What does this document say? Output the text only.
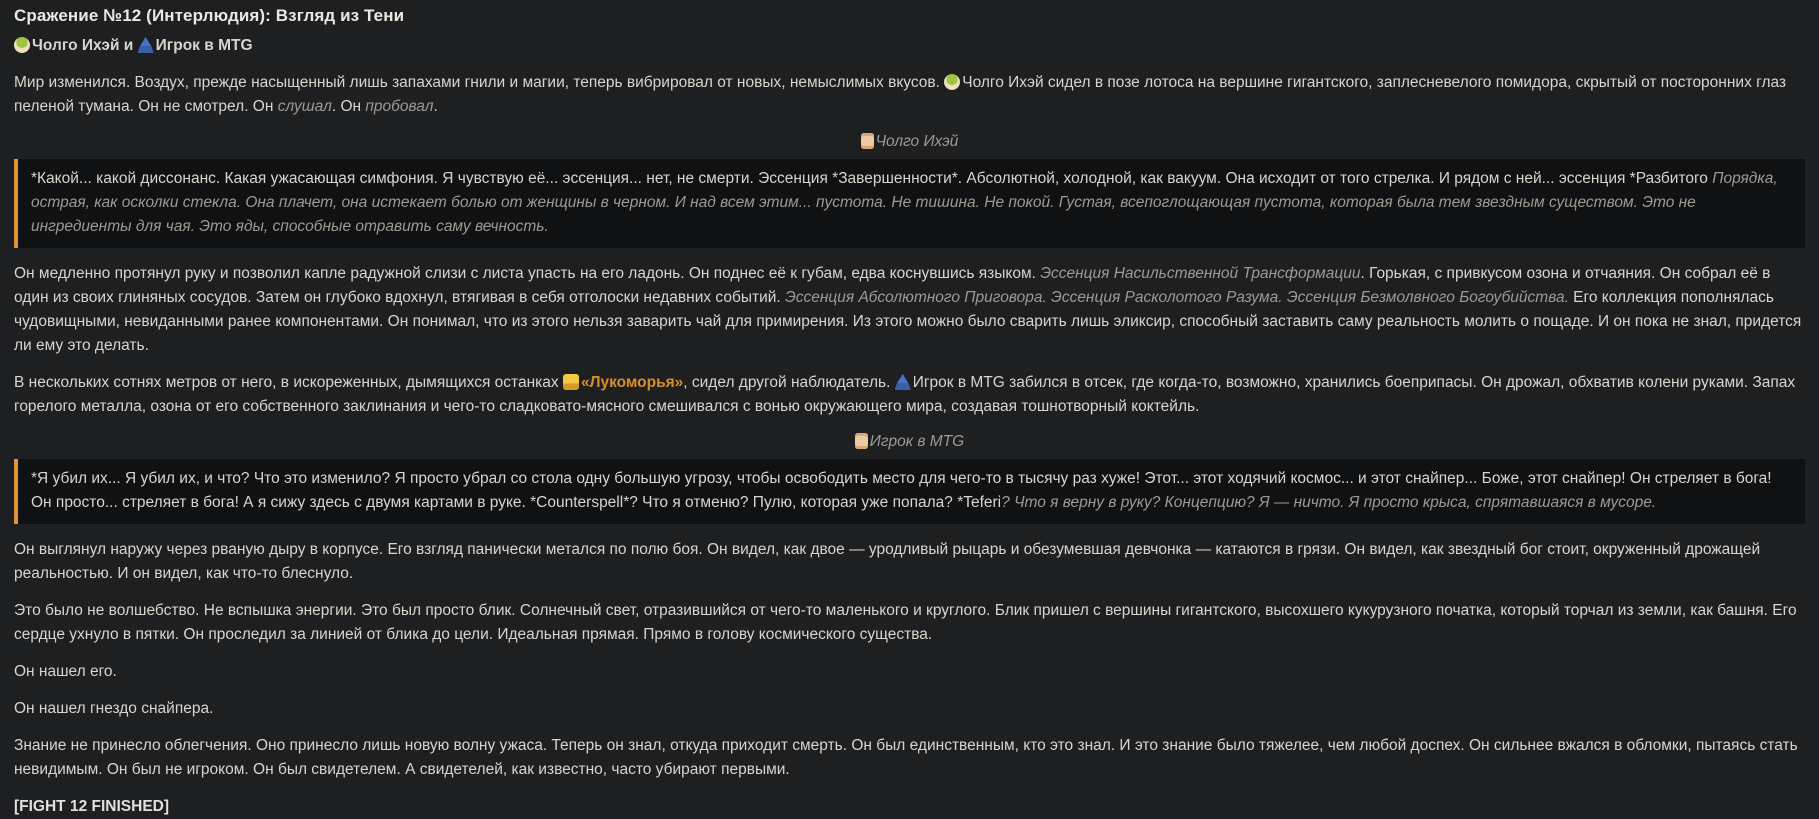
Сражение №12 (Интерлюдия): Взгляд из Тени
Чолго Ихэй и Игрок в MTG

Мир изменился. Воздух, прежде насыщенный лишь запахами гнили и магии, теперь вибрировал от новых, немыслимых вкусов. Чолго Ихэй сидел в позе лотоса на вершине гигантского, заплесневелого помидора, скрытый от посторонних глаз пеленой тумана. Он не смотрел. Он слушал. Он пробовал.

Чолго Ихэй
*Какой... какой диссонанс. Какая ужасающая симфония. Я чувствую её... эссенция... нет, не смерти. Эссенция *Завершенности*. Абсолютной, холодной, как вакуум. Она исходит от того стрелка. И рядом с ней... эссенция *Разбитого Порядка, острая, как осколки стекла. Она плачет, она истекает болью от женщины в черном. И над всем этим... пустота. Не тишина. Не покой. Густая, всепоглощающая пустота, которая была тем звездным существом. Это не ингредиенты для чая. Это яды, способные отравить саму вечность.

Он медленно протянул руку и позволил капле радужной слизи с листа упасть на его ладонь. Он поднес её к губам, едва коснувшись языком. Эссенция Насильственной Трансформации. Горькая, с привкусом озона и отчаяния. Он собрал её в один из своих глиняных сосудов. Затем он глубоко вдохнул, втягивая в себя отголоски недавних событий. Эссенция Абсолютного Приговора. Эссенция Расколотого Разума. Эссенция Безмолвного Богоубийства. Его коллекция пополнялась чудовищными, невиданными ранее компонентами. Он понимал, что из этого нельзя заварить чай для примирения. Из этого можно было сварить лишь эликсир, способный заставить саму реальность молить о пощаде. И он пока не знал, придется ли ему это делать.

В нескольких сотнях метров от него, в искореженных, дымящихся останках «Лукоморья», сидел другой наблюдатель. Игрок в MTG забился в отсек, где когда-то, возможно, хранились боеприпасы. Он дрожал, обхватив колени руками. Запах горелого металла, озона от его собственного заклинания и чего-то сладковато-мясного смешивался с вонью окружающего мира, создавая тошнотворный коктейль.

Игрок в MTG
*Я убил их... Я убил их, и что? Что это изменило? Я просто убрал со стола одну большую угрозу, чтобы освободить место для чего-то в тысячу раз хуже! Этот... этот ходячий космос... и этот снайпер... Боже, этот снайпер! Он стреляет в бога! Он просто... стреляет в бога! А я сижу здесь с двумя картами в руке. *Counterspell*? Что я отменю? Пулю, которая уже попала? *Teferi? Что я верну в руку? Концепцию? Я — ничто. Я просто крыса, спрятавшаяся в мусоре.

Он выглянул наружу через рваную дыру в корпусе. Его взгляд панически метался по полю боя. Он видел, как двое — уродливый рыцарь и обезумевшая девчонка — катаются в грязи. Он видел, как звездный бог стоит, окруженный дрожащей реальностью. И он видел, как что-то блеснуло.

Это было не волшебство. Не вспышка энергии. Это был просто блик. Солнечный свет, отразившийся от чего-то маленького и круглого. Блик пришел с вершины гигантского, высохшего кукурузного початка, который торчал из земли, как башня. Его сердце ухнуло в пятки. Он проследил за линией от блика до цели. Идеальная прямая. Прямо в голову космического существа.

Он нашел его.

Он нашел гнездо снайпера.

Знание не принесло облегчения. Оно принесло лишь новую волну ужаса. Теперь он знал, откуда приходит смерть. Он был единственным, кто это знал. И это знание было тяжелее, чем любой доспех. Он сильнее вжался в обломки, пытаясь стать невидимым. Он был не игроком. Он был свидетелем. А свидетелей, как известно, часто убирают первыми.

[FIGHT 12 FINISHED]
